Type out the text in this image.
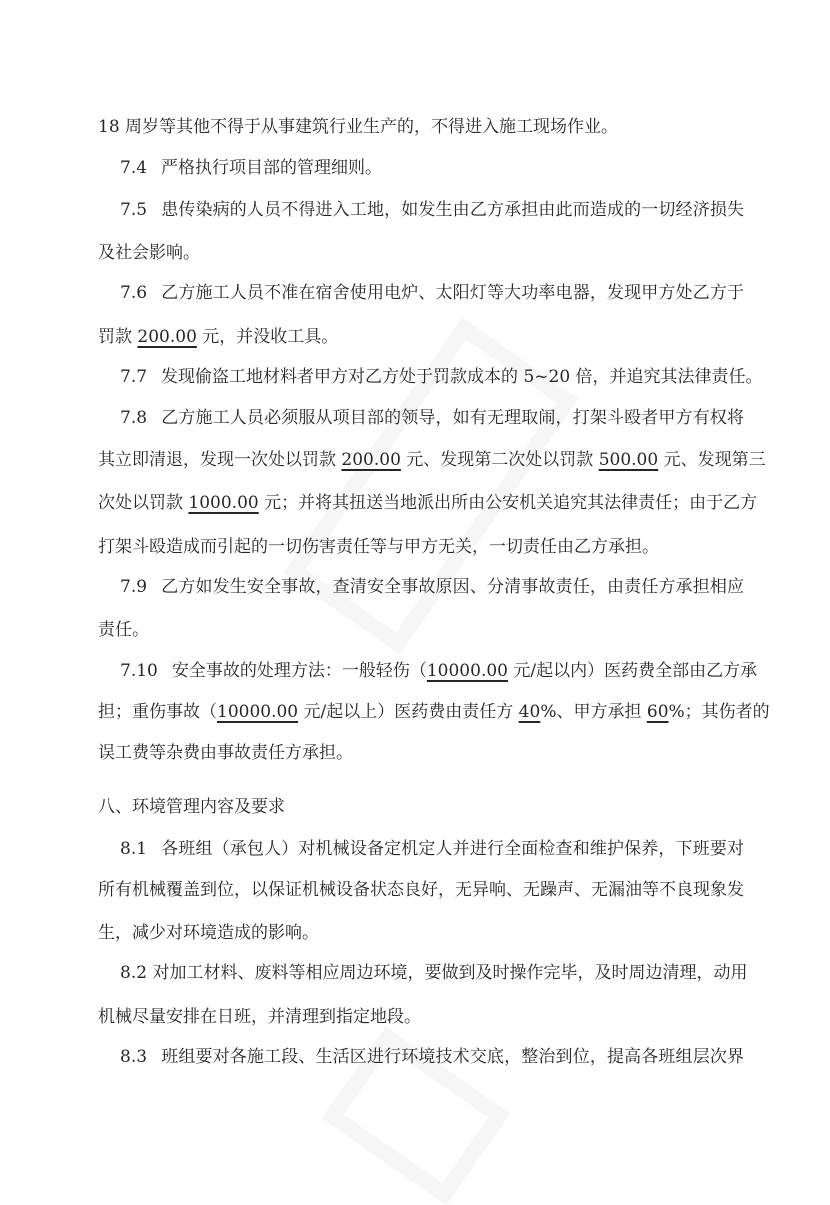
18 周岁等其他不得于从事建筑行业生产的，不得进入施工现场作业。
7.4 严格执行项目部的管理细则。
7.5 患传染病的人员不得进入工地，如发生由乙方承担由此而造成的一切经济损失
及社会影响。
7.6 乙方施工人员不准在宿舍使用电炉、太阳灯等大功率电器，发现甲方处乙方于
罚款 200.00 元，并没收工具。
7.7 发现偷盗工地材料者甲方对乙方处于罚款成本的 5~20 倍，并追究其法律责任。
7.8 乙方施工人员必须服从项目部的领导，如有无理取闹，打架斗殴者甲方有权将
其立即清退，发现一次处以罚款 200.00 元、发现第二次处以罚款 500.00 元、发现第三
次处以罚款 1000.00 元；并将其扭送当地派出所由公安机关追究其法律责任；由于乙方
打架斗殴造成而引起的一切伤害责任等与甲方无关，一切责任由乙方承担。
7.9 乙方如发生安全事故，查清安全事故原因、分清事故责任，由责任方承担相应
责任。
7.10 安全事故的处理方法：一般轻伤（10000.00 元/起以内）医药费全部由乙方承
担；重伤事故（10000.00 元/起以上）医药费由责任方 40%、甲方承担 60%；其伤者的
误工费等杂费由事故责任方承担。
八、环境管理内容及要求
8.1 各班组（承包人）对机械设备定机定人并进行全面检查和维护保养，下班要对
所有机械覆盖到位，以保证机械设备状态良好，无异响、无躁声、无漏油等不良现象发
生，减少对环境造成的影响。
8.2 对加工材料、废料等相应周边环境，要做到及时操作完毕，及时周边清理，动用
机械尽量安排在日班，并清理到指定地段。
8.3 班组要对各施工段、生活区进行环境技术交底，整治到位，提高各班组层次界
